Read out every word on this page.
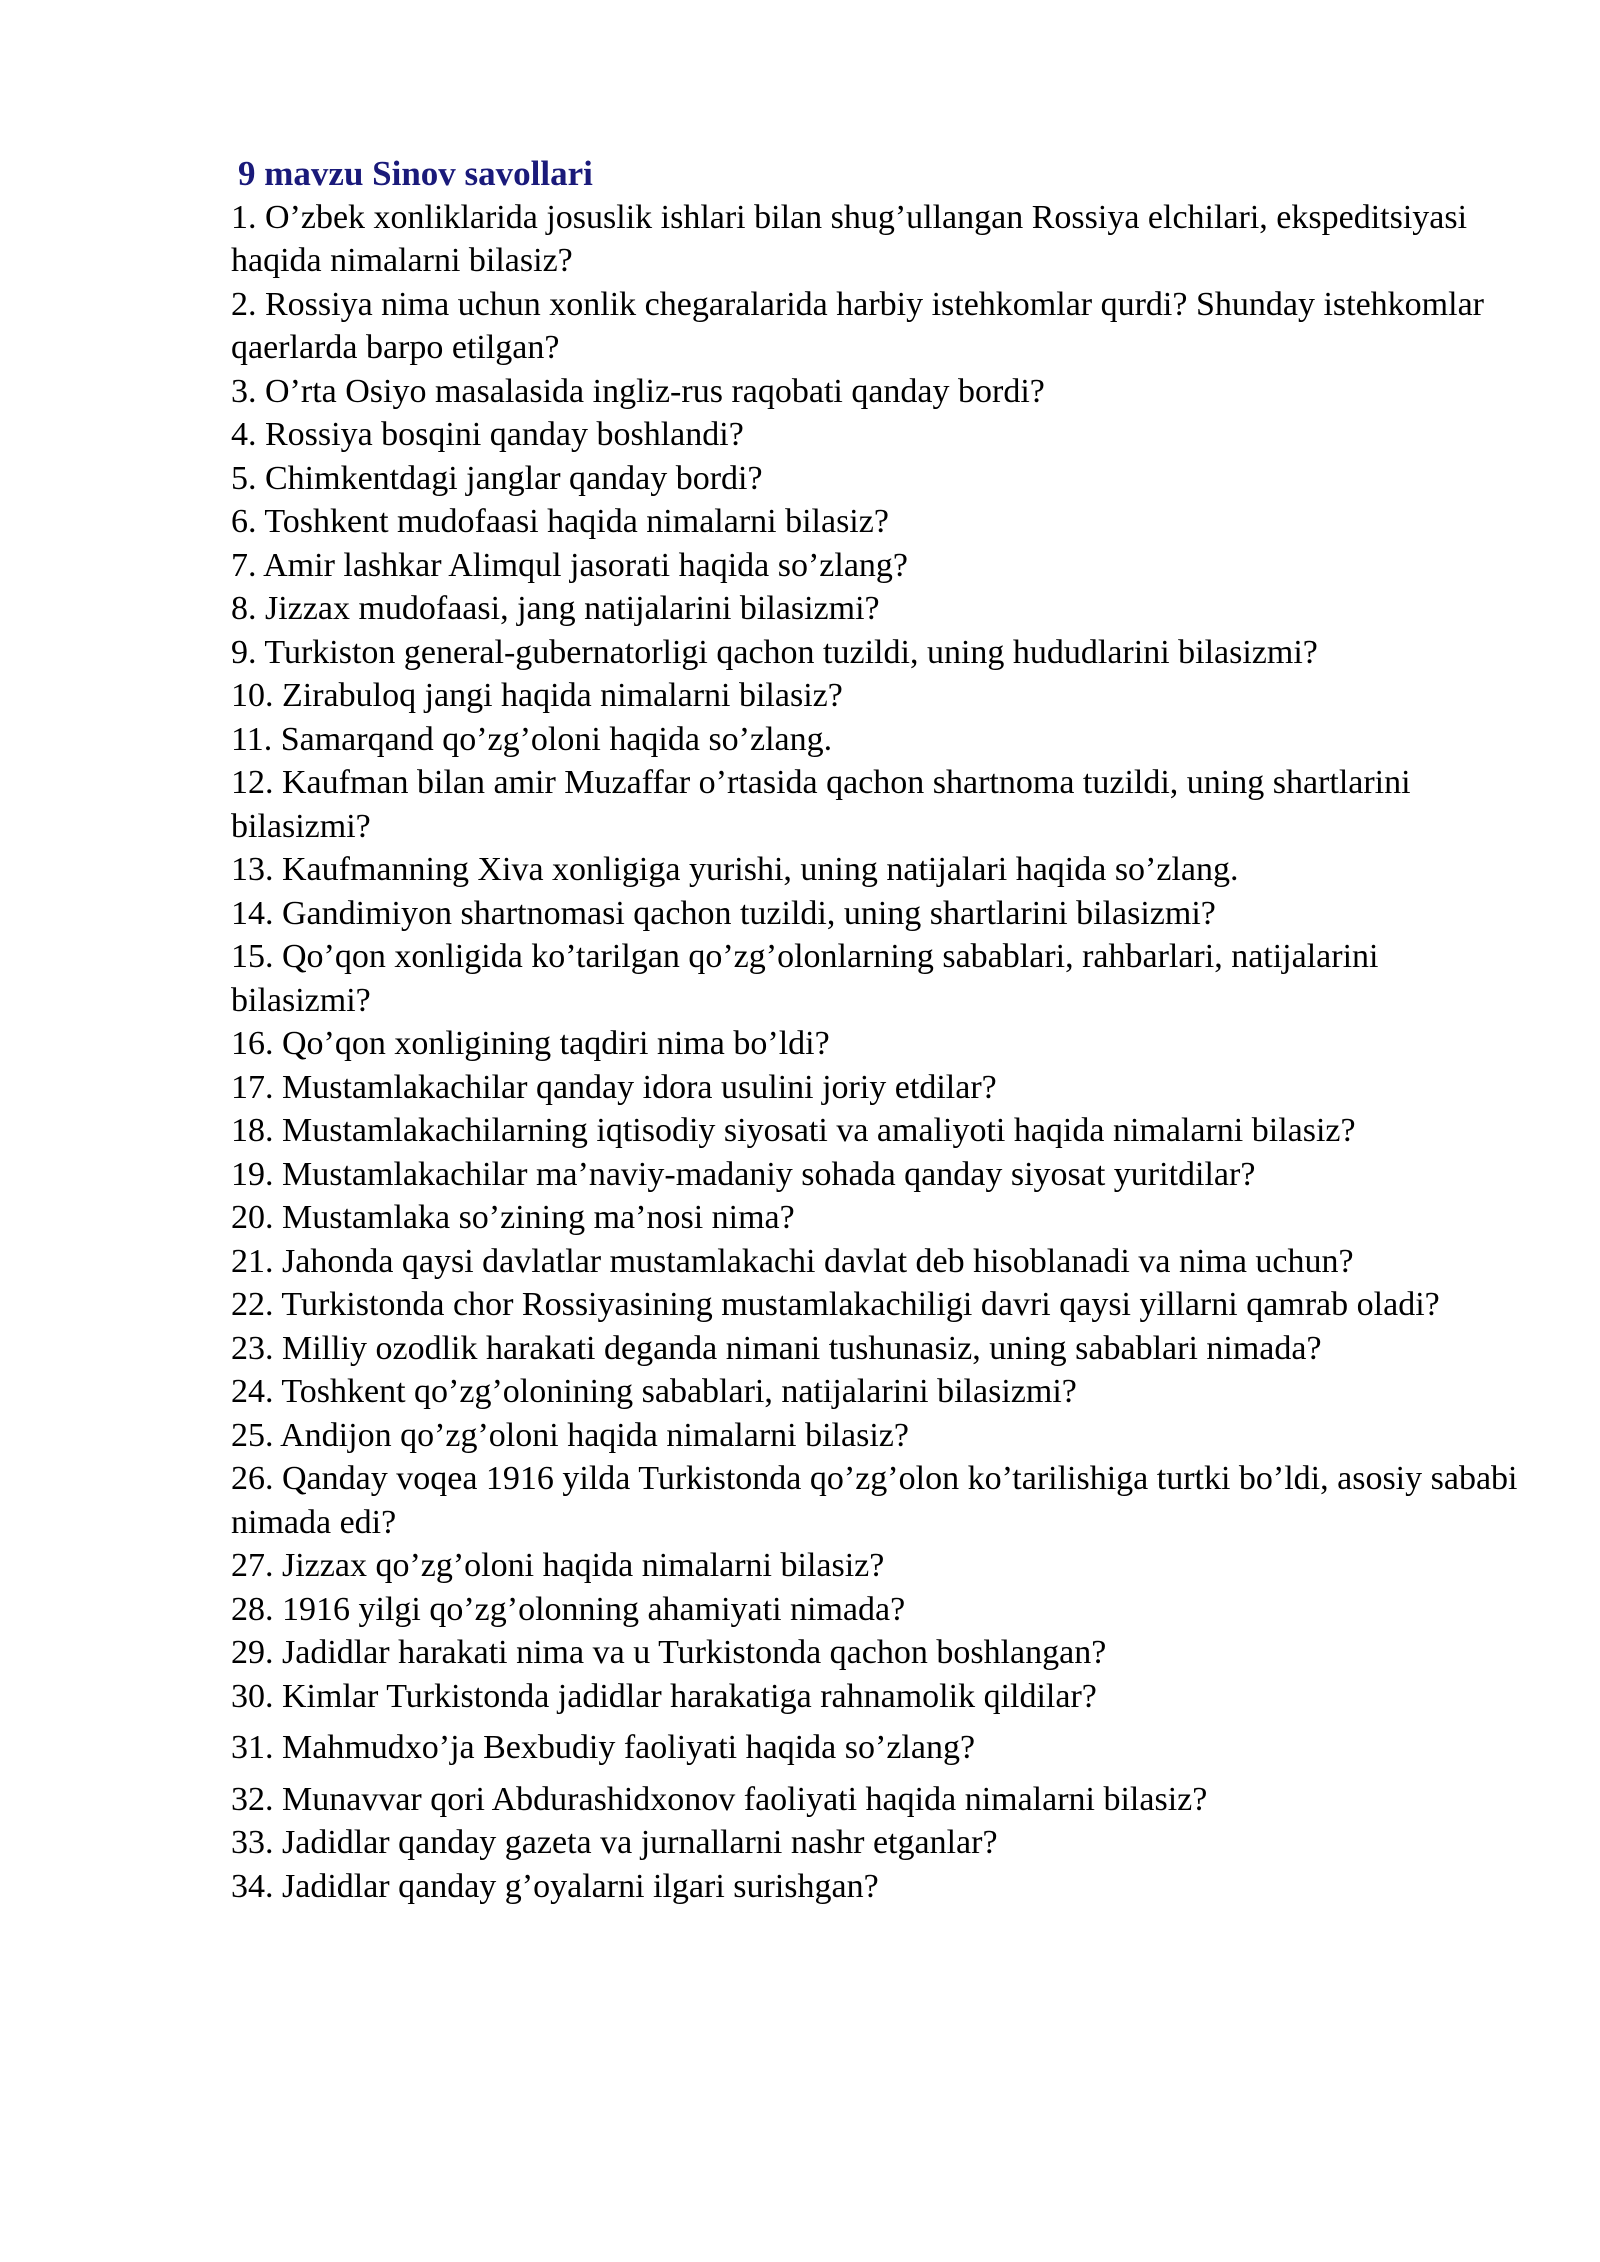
9 mavzu Sinov savollari
1. O’zbek xonliklarida josuslik ishlari bilan shug’ullangan Rossiya elchilari, ekspeditsiyasi haqida nimalarni bilasiz?
2. Rossiya nima uchun xonlik chegaralarida harbiy istehkomlar qurdi? Shunday istehkomlar qaerlarda barpo etilgan?
3. O’rta Osiyo masalasida ingliz-rus raqobati qanday bordi?
4. Rossiya bosqini qanday boshlandi?
5. Chimkentdagi janglar qanday bordi?
6. Toshkent mudofaasi haqida nimalarni bilasiz?
7. Amir lashkar Alimqul jasorati haqida so’zlang?
8. Jizzax mudofaasi, jang natijalarini bilasizmi?
9. Turkiston general-gubernatorligi qachon tuzildi, uning hududlarini bilasizmi?
10. Zirabuloq jangi haqida nimalarni bilasiz?
11. Samarqand qo’zg’oloni haqida so’zlang.
12. Kaufman bilan amir Muzaffar o’rtasida qachon shartnoma tuzildi, uning shartlarini bilasizmi?
13. Kaufmanning Xiva xonligiga yurishi, uning natijalari haqida so’zlang.
14. Gandimiyon shartnomasi qachon tuzildi, uning shartlarini bilasizmi?
15. Qo’qon xonligida ko’tarilgan qo’zg’olonlarning sabablari, rahbarlari, natijalarini bilasizmi?
16. Qo’qon xonligining taqdiri nima bo’ldi?
17. Mustamlakachilar qanday idora usulini joriy etdilar?
18. Mustamlakachilarning iqtisodiy siyosati va amaliyoti haqida nimalarni bilasiz?
19. Mustamlakachilar ma’naviy-madaniy sohada qanday siyosat yuritdilar?
20. Mustamlaka so’zining ma’nosi nima?
21. Jahonda qaysi davlatlar mustamlakachi davlat deb hisoblanadi va nima uchun?
22. Turkistonda chor Rossiyasining mustamlakachiligi davri qaysi yillarni qamrab oladi?
23. Milliy ozodlik harakati deganda nimani tushunasiz, uning sabablari nimada?
24. Toshkent qo’zg’olonining sabablari, natijalarini bilasizmi?
25. Andijon qo’zg’oloni haqida nimalarni bilasiz?
26. Qanday voqea 1916 yilda Turkistonda qo’zg’olon ko’tarilishiga turtki bo’ldi, asosiy sababi nimada edi?
27. Jizzax qo’zg’oloni haqida nimalarni bilasiz?
28. 1916 yilgi qo’zg’olonning ahamiyati nimada?
29. Jadidlar harakati nima va u Turkistonda qachon boshlangan?
30. Kimlar Turkistonda jadidlar harakatiga rahnamolik qildilar?
31. Mahmudxo’ja Bexbudiy faoliyati haqida so’zlang?
32. Munavvar qori Abdurashidxonov faoliyati haqida nimalarni bilasiz?
33. Jadidlar qanday gazeta va jurnallarni nashr etganlar?
34. Jadidlar qanday g’oyalarni ilgari surishgan?
